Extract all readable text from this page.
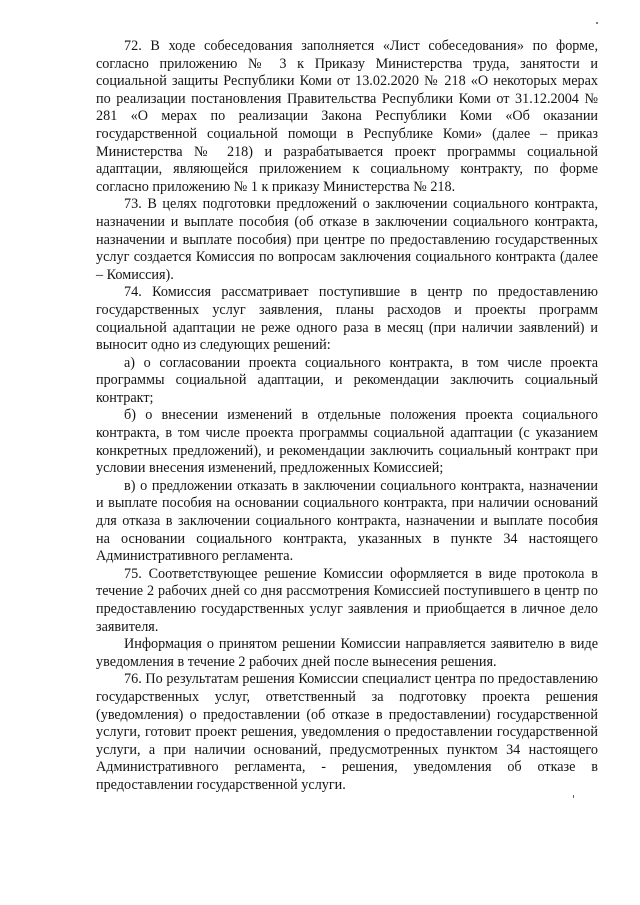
72. В ходе собеседования заполняется «Лист собеседования» по форме, согласно приложению № 3 к Приказу Министерства труда, занятости и социальной защиты Республики Коми от 13.02.2020 № 218 «О некоторых мерах по реализации постановления Правительства Республики Коми от 31.12.2004 № 281 «О мерах по реализации Закона Республики Коми «Об оказании государственной социальной помощи в Республике Коми» (далее – приказ Министерства № 218) и разрабатывается проект программы социальной адаптации, являющейся приложением к социальному контракту, по форме согласно приложению № 1 к приказу Министерства № 218.

73. В целях подготовки предложений о заключении социального контракта, назначении и выплате пособия (об отказе в заключении социального контракта, назначении и выплате пособия) при центре по предоставлению государственных услуг создается Комиссия по вопросам заключения социального контракта (далее – Комиссия).

74. Комиссия рассматривает поступившие в центр по предоставлению государственных услуг заявления, планы расходов и проекты программ социальной адаптации не реже одного раза в месяц (при наличии заявлений) и выносит одно из следующих решений:

а) о согласовании проекта социального контракта, в том числе проекта программы социальной адаптации, и рекомендации заключить социальный контракт;

б) о внесении изменений в отдельные положения проекта социального контракта, в том числе проекта программы социальной адаптации (с указанием конкретных предложений), и рекомендации заключить социальный контракт при условии внесения изменений, предложенных Комиссией;

в) о предложении отказать в заключении социального контракта, назначении и выплате пособия на основании социального контракта, при наличии оснований для отказа в заключении социального контракта, назначении и выплате пособия на основании социального контракта, указанных в пункте 34 настоящего Административного регламента.

75. Соответствующее решение Комиссии оформляется в виде протокола в течение 2 рабочих дней со дня рассмотрения Комиссией поступившего в центр по предоставлению государственных услуг заявления и приобщается в личное дело заявителя.

Информация о принятом решении Комиссии направляется заявителю в виде уведомления в течение 2 рабочих дней после вынесения решения.

76. По результатам решения Комиссии специалист центра по предоставлению государственных услуг, ответственный за подготовку проекта решения (уведомления) о предоставлении (об отказе в предоставлении) государственной услуги, готовит проект решения, уведомления о предоставлении государственной услуги, а при наличии оснований, предусмотренных пунктом 34 настоящего Административного регламента, - решения, уведомления об отказе в предоставлении государственной услуги.
